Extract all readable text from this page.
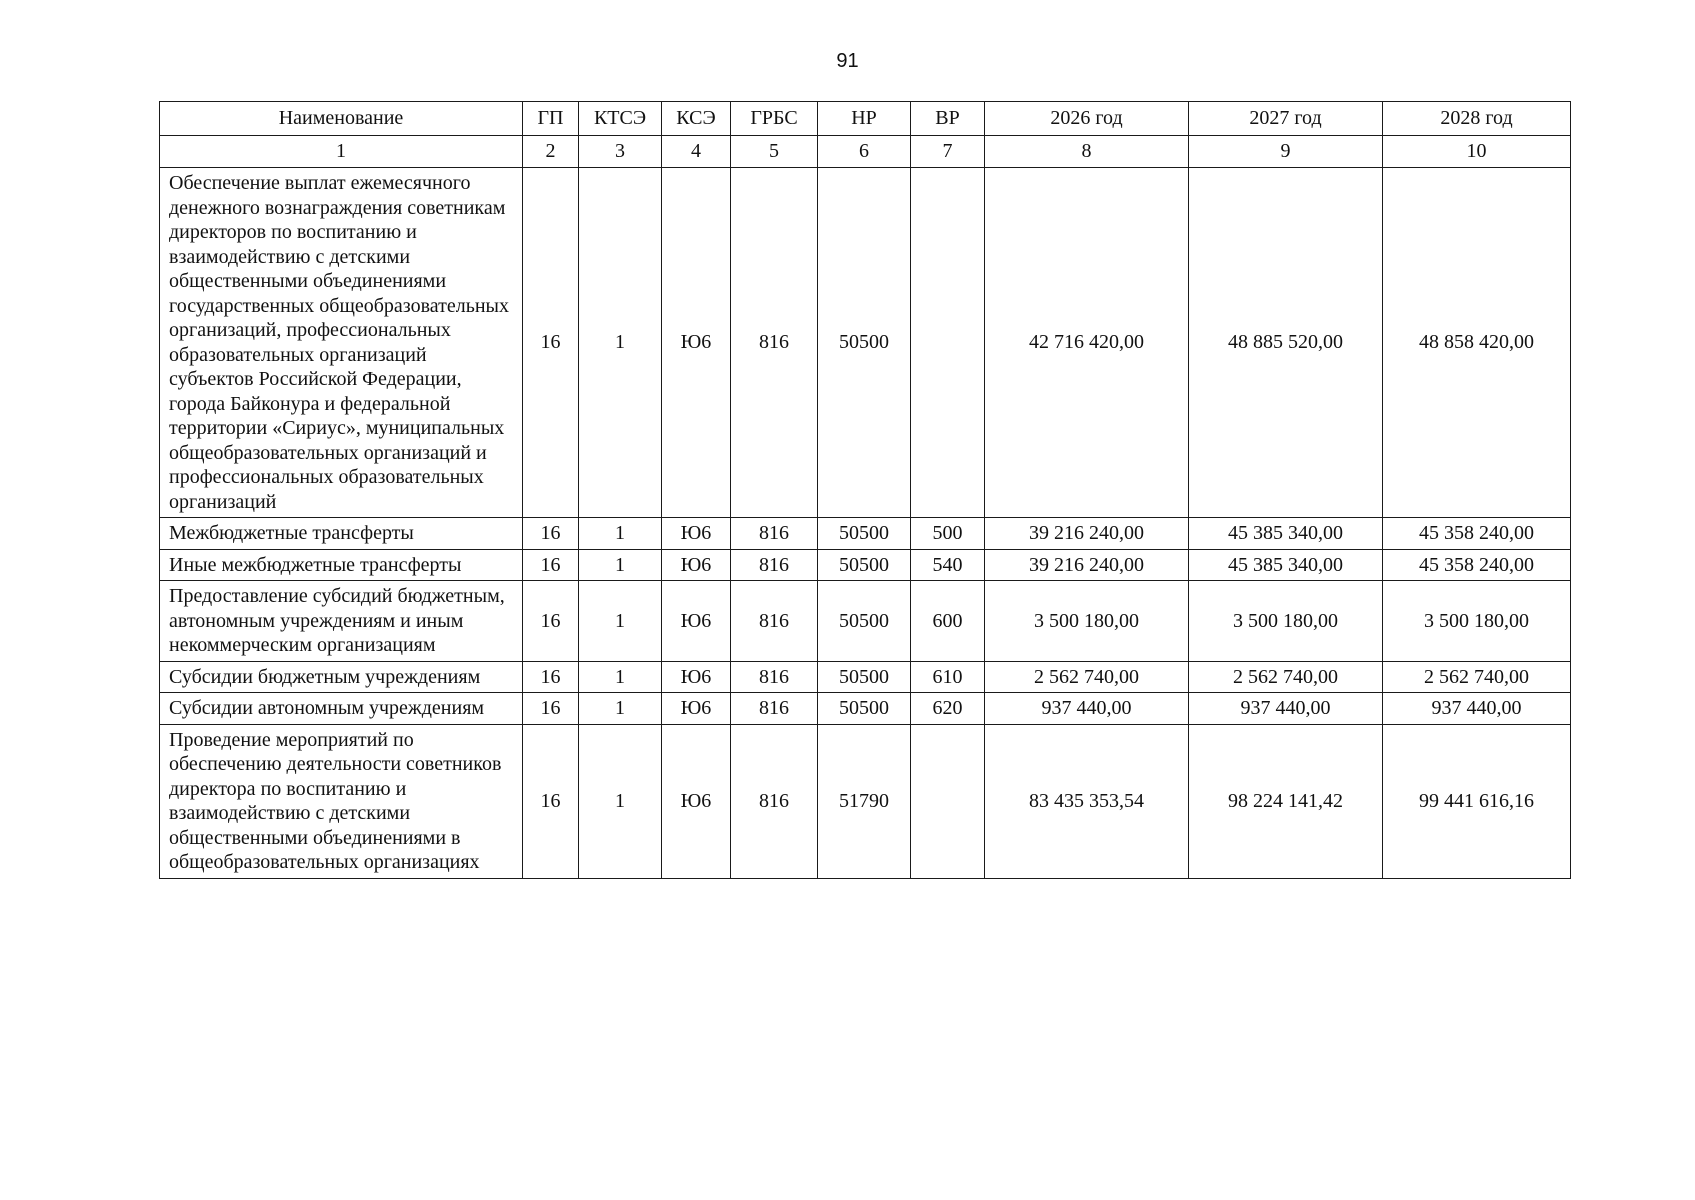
91
Наименование	ГП	КТСЭ	КСЭ	ГРБС	НР	ВР	2026 год	2027 год	2028 год
1	2	3	4	5	6	7	8	9	10
Обеспечение выплат ежемесячного денежного вознаграждения советникам директоров по воспитанию и взаимодействию с детскими общественными объединениями государственных общеобразовательных организаций, профессиональных образовательных организаций субъектов Российской Федерации, города Байконура и федеральной территории «Сириус», муниципальных общеобразовательных организаций и профессиональных образовательных организаций	16	1	Ю6	816	50500		42 716 420,00	48 885 520,00	48 858 420,00
Межбюджетные трансферты	16	1	Ю6	816	50500	500	39 216 240,00	45 385 340,00	45 358 240,00
Иные межбюджетные трансферты	16	1	Ю6	816	50500	540	39 216 240,00	45 385 340,00	45 358 240,00
Предоставление субсидий бюджетным, автономным учреждениям и иным некоммерческим организациям	16	1	Ю6	816	50500	600	3 500 180,00	3 500 180,00	3 500 180,00
Субсидии бюджетным учреждениям	16	1	Ю6	816	50500	610	2 562 740,00	2 562 740,00	2 562 740,00
Субсидии автономным учреждениям	16	1	Ю6	816	50500	620	937 440,00	937 440,00	937 440,00
Проведение мероприятий по обеспечению деятельности советников директора по воспитанию и взаимодействию с детскими общественными объединениями в общеобразовательных организациях	16	1	Ю6	816	51790		83 435 353,54	98 224 141,42	99 441 616,16
